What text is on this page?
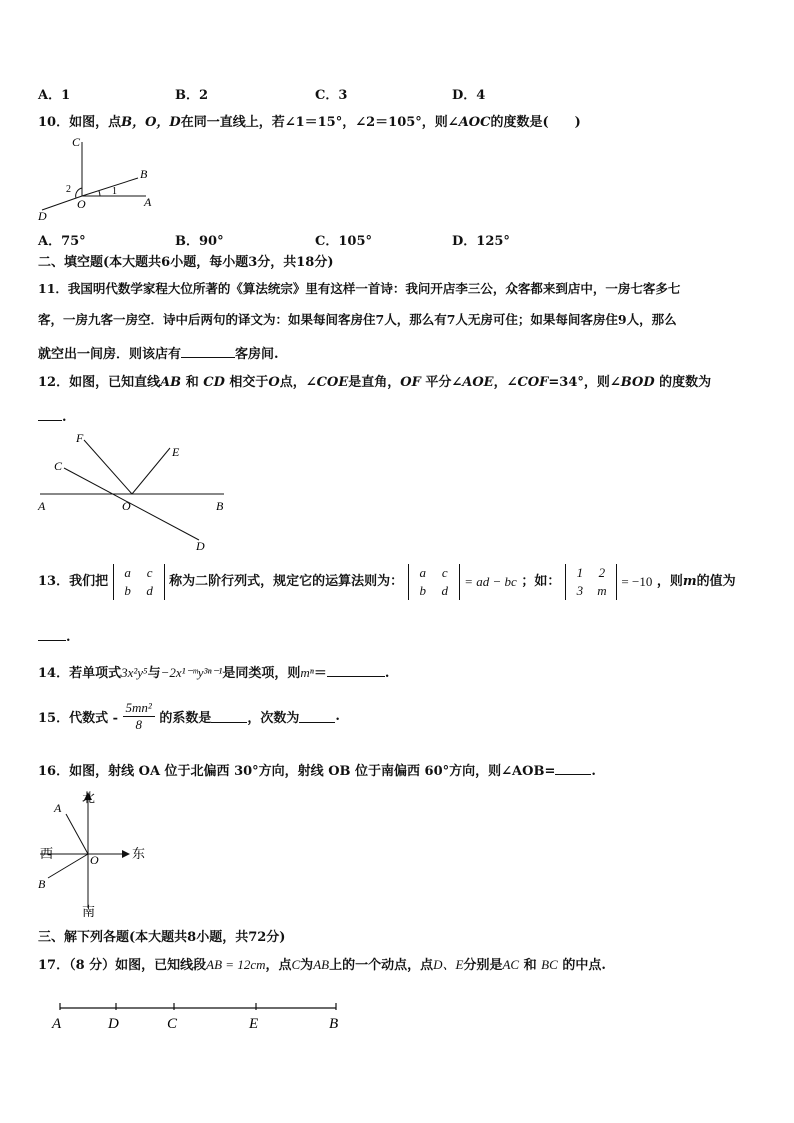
A．1	B．2	C．3	D．4
10．如图，点B，O，D在同一直线上，若∠1＝15°，∠2＝105°，则∠AOC的度数是(　　)
C
B
A
O
D
1
2
A．75°	B．90°	C．105°	D．125°
二、填空题(本大题共6小题，每小题3分，共18分)
11．我国明代数学家程大位所著的《算法统宗》里有这样一首诗：我问开店李三公，众客都来到店中，一房七客多七
客，一房九客一房空．诗中后两句的译文为：如果每间客房住7人，那么有7人无房可住；如果每间客房住9人，那么
就空出一间房．则该店有	客房间.
12．如图，已知直线AB 和 CD 相交于O点，∠COE是直角，OF 平分∠AOE，∠COF=34°，则∠BOD 的度数为
.
F
C
E
A	O	B
D
13．我们把 a c
b d 称为二阶行列式，规定它的运算法则为： a c
b d = ad − bc ；如： 1 2
3 m = −10 ，则m的值为
.
14．若单项式3x²y⁵与−2x¹⁻ᵐy³ⁿ⁻¹是同类项，则mⁿ＝	.
15．代数式 - $\frac{\text{5mn²}}{8}$ 的系数是	，次数为	.
16．如图，射线 OA 位于北偏西 30°方向，射线 OB 位于南偏西 60°方向，则∠AOB=	.
北
西	东
南
A
B
O
三、解下列各题(本大题共8小题，共72分)
17．（8 分）如图，已知线段AB = 12cm，点C为AB上的一个动点，点D、E分别是AC 和 BC 的中点.
A	D	C	E	B
